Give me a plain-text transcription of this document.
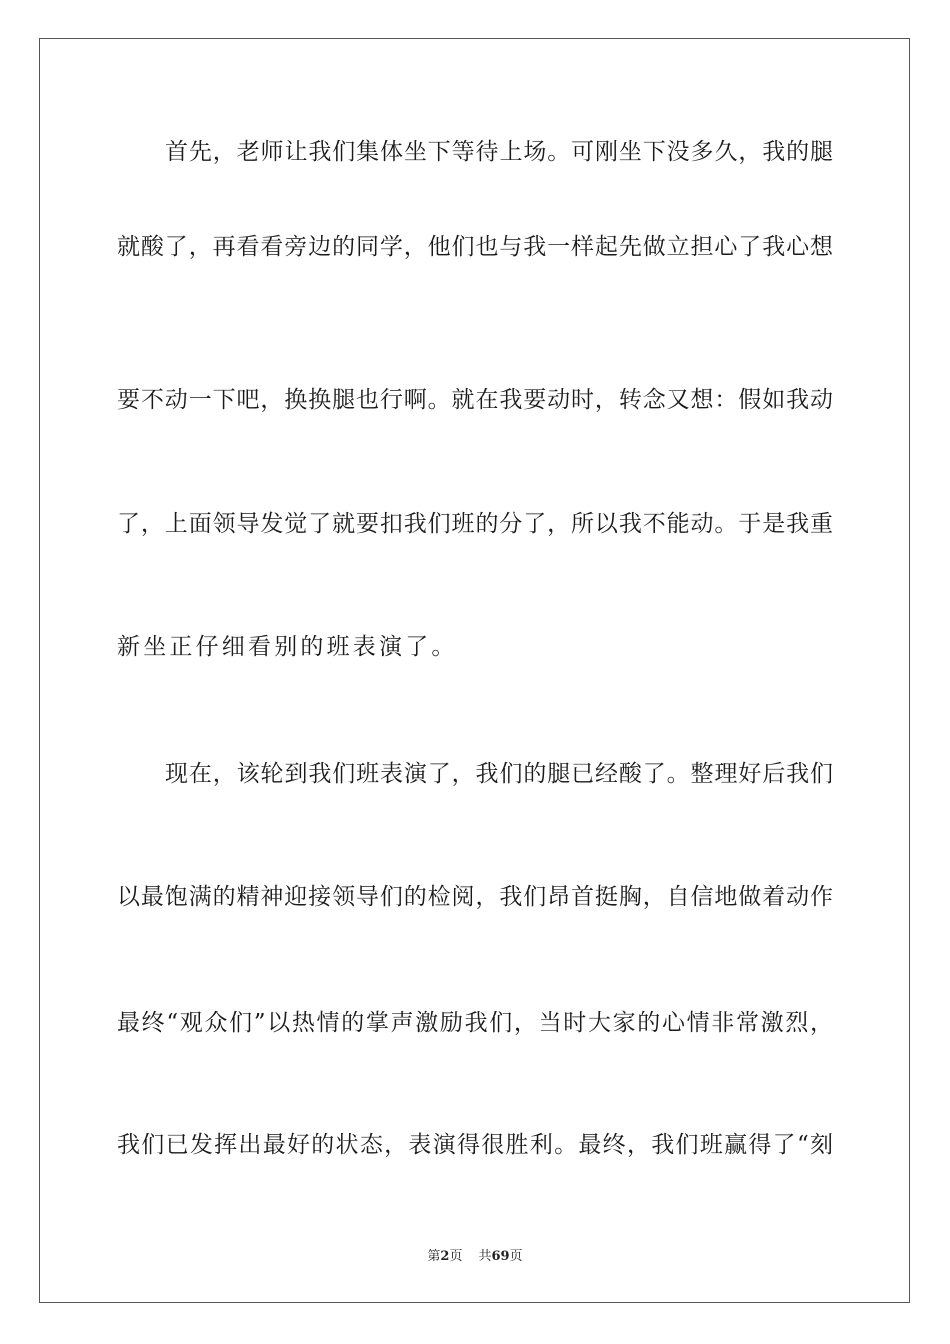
首先，老师让我们集体坐下等待上场。可刚坐下没多久，我的腿
就酸了，再看看旁边的同学，他们也与我一样起先做立担心了我心想
要不动一下吧，换换腿也行啊。就在我要动时，转念又想：假如我动
了，上面领导发觉了就要扣我们班的分了，所以我不能动。于是我重
新坐正仔细看别的班表演了。
现在，该轮到我们班表演了，我们的腿已经酸了。整理好后我们
以最饱满的精神迎接领导们的检阅，我们昂首挺胸，自信地做着动作
最终“观众们”以热情的掌声激励我们，当时大家的心情非常激烈，
我们已发挥出最好的状态，表演得很胜利。最终，我们班赢得了“刻
第2页 共69页
